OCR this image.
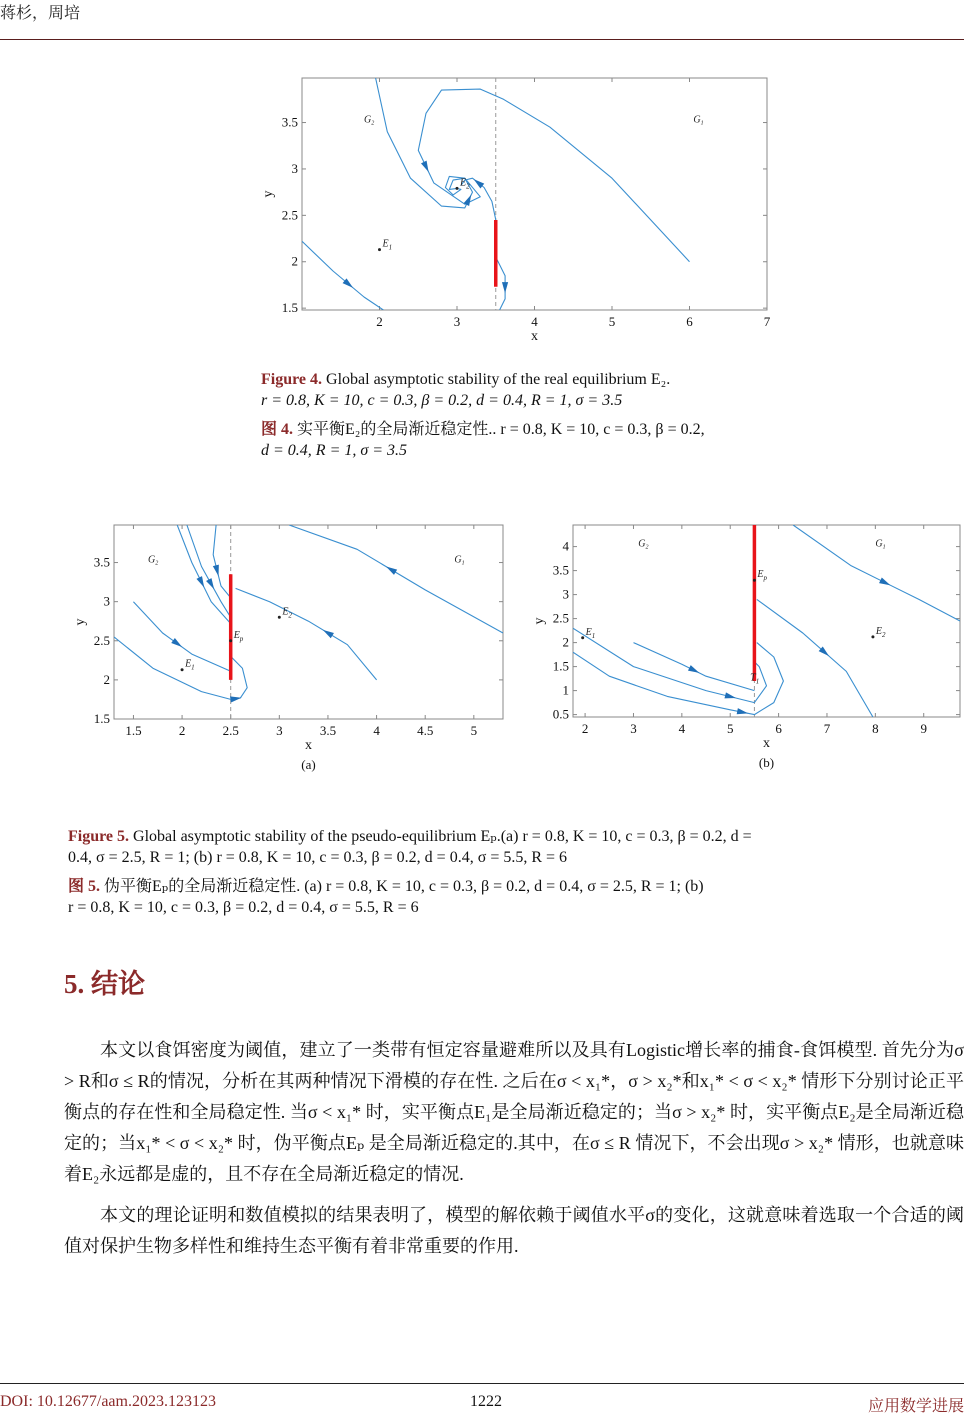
蒋杉，周培
2	3	4	5	6	7
1.5
2
2.5
3
3.5
x
y
$E_1$
$E_2$
$G_2$	$G_1$

Figure 4. Global asymptotic stability of the real equilibrium E₂.
r = 0.8, K = 10, c = 0.3, β = 0.2, d = 0.4, R = 1, σ = 3.5

图 4. 实平衡E₂的全局渐近稳定性.. r = 0.8, K = 10, c = 0.3, β = 0.2,
d = 0.4, R = 1, σ = 3.5

1.5	2	2.5	3	3.5	4	4.5	5
1.5
2
2.5
3
3.5
x
y
(a)
$E_1$
$E_2$
$E_p$
$G_2$	$G_1$
2	3	4	5	6	7	8	9
0.5
1
1.5
2
2.5
3
3.5
4
x
y
(b)
$E_1$	$E_2$
$E_p$
$T_1$
$G_2$	$G_1$

Figure 5. Global asymptotic stability of the pseudo-equilibrium Eₚ.(a) r = 0.8, K = 10, c = 0.3, β = 0.2, d =
0.4, σ = 2.5, R = 1; (b) r = 0.8, K = 10, c = 0.3, β = 0.2, d = 0.4, σ = 5.5, R = 6

图 5. 伪平衡Eₚ的全局渐近稳定性. (a) r = 0.8, K = 10, c = 0.3, β = 0.2, d = 0.4, σ = 2.5, R = 1; (b)
r = 0.8, K = 10, c = 0.3, β = 0.2, d = 0.4, σ = 5.5, R = 6

5. 结论

本文以食饵密度为阈值，建立了一类带有恒定容量避难所以及具有Logistic增长率的捕食-食饵模型. 首先分为σ > R和σ ≤ R的情况，分析在其两种情况下滑模的存在性. 之后在σ < x₁*，σ > x₂*和x₁* < σ < x₂* 情形下分别讨论正平衡点的存在性和全局稳定性. 当σ < x₁* 时，实平衡点E₁是全局渐近稳定的；当σ > x₂* 时，实平衡点E₂是全局渐近稳定的；当x₁* < σ < x₂* 时，伪平衡点Eₚ 是全局渐近稳定的.其中，在σ ≤ R 情况下，不会出现σ > x₂* 情形，也就意味着E₂永远都是虚的，且不存在全局渐近稳定的情况.

本文的理论证明和数值模拟的结果表明了，模型的解依赖于阈值水平σ的变化，这就意味着选取一个合适的阈值对保护生物多样性和维持生态平衡有着非常重要的作用.

DOI: 10.12677/aam.2023.123123	1222	应用数学进展
